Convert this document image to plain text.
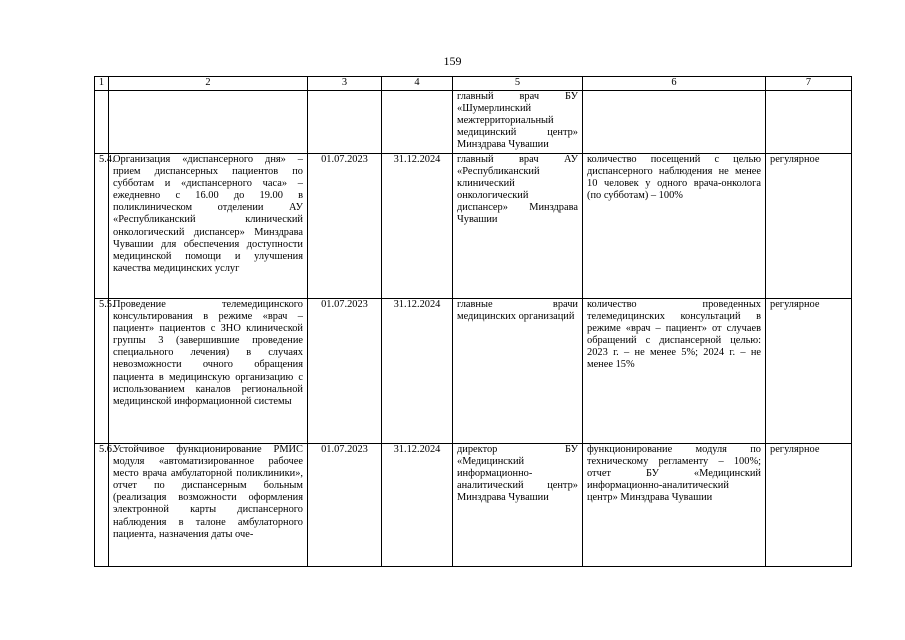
159
1	2	3	4	5	6	7
				главный врач БУ «Шумерлинский межтерриториальный медицинский центр» Минздрава Чувашии		
5.4.	Организация «диспансерного дня» – прием диспансерных пациентов по субботам и «диспансерного часа» – ежедневно с 16.00 до 19.00 в поликлиническом отделении АУ «Республиканский клинический онкологический диспансер» Минздрава Чувашии для обеспечения доступности медицинской помощи и улучшения качества медицинских услуг	01.07.2023	31.12.2024	главный врач АУ «Республиканский клинический онкологический диспансер» Минздрава Чувашии	количество посещений с целью диспансерного наблюдения не менее 10 человек у одного врача-онколога (по субботам) – 100%	регулярное
5.5.	Проведение телемедицинского консультирования в режиме «врач – пациент» пациентов с ЗНО клинической группы 3 (завершившие проведение специального лечения) в случаях невозможности очного обращения пациента в медицинскую организацию с использованием каналов региональной медицинской информационной системы	01.07.2023	31.12.2024	главные врачи медицинских организаций	количество проведенных телемедицинских консультаций в режиме «врач – пациент» от случаев обращений с диспансерной целью: 2023 г. – не менее 5%; 2024 г. – не менее 15%	регулярное
5.6.	Устойчивое функционирование РМИС модуля «автоматизированное рабочее место врача амбулаторной поликлиники», отчет по диспансерным больным (реализация возможности оформления электронной карты диспансерного наблюдения в талоне амбулаторного пациента, назначения даты оче-	01.07.2023	31.12.2024	директор БУ «Медицинский информационно-аналитический центр» Минздрава Чувашии	функционирование модуля по техническому регламенту – 100%; отчет БУ «Медицинский информационно-аналитический центр» Минздрава Чувашии	регулярное
